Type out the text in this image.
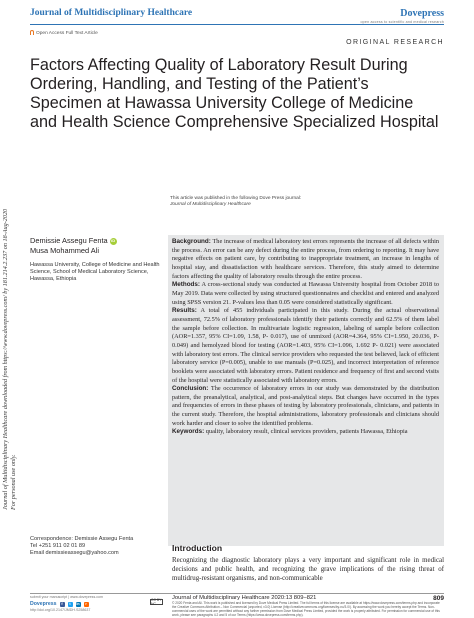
Journal of Multidisciplinary Healthcare downloaded from https://www.dovepress.com/ by 181.214.2.237 on 18-Aug-2020
For personal use only.
Journal of Multidisciplinary Healthcare	Dovepress
open access to scientific and medical research
Open Access Full Text Article
ORIGINAL RESEARCH
Factors Affecting Quality of Laboratory Result During Ordering, Handling, and Testing of the Patient’s Specimen at Hawassa University College of Medicine and Health Science Comprehensive Specialized Hospital
This article was published in the following Dove Press journal:
Journal of Multidisciplinary Healthcare
Demissie Assegu Fenta iD
Musa Mohammed Ali
Hawassa University, College of Medicine and Health Science, School of Medical Laboratory Science, Hawassa, Ethiopia

Background: The increase of medical laboratory test errors represents the increase of all defects within the process. An error can be any defect during the entire process, from ordering to reporting. It may have negative effects on patient care, by contributing to inappropriate treatment, an increase in lengths of hospital stay, and dissatisfaction with healthcare services. Therefore, this study aimed to determine factors affecting the quality of laboratory results through the entire process.

Methods: A cross-sectional study was conducted at Hawassa University hospital from October 2018 to May 2019. Data were collected by using structured questionnaires and checklist and entered and analyzed using SPSS version 21. P-values less than 0.05 were considered statistically significant.

Results: A total of 455 individuals participated in this study. During the actual observational assessment, 72.5% of laboratory professionals identify their patients correctly and 62.5% of them label the sample before collection. In multivariate logistic regression, labeling of sample before collection (AOR=1.357, 95% CI=1.09, 1.58, P- 0.017), use of unmixed (AOR=4.364, 95% CI=1.950, 20.036, P- 0.049) and hemolyzed blood for testing (AOR=1.403, 95% CI=1.096, 1.692 P- 0.021) were associated with laboratory test errors. The clinical service providers who requested the test believed, lack of efficient laboratory service (P=0.005), unable to use manuals (P=0.025), and incorrect interpretation of reference booklets were associated with laboratory errors. Patient residence and frequency of first and second visits of the hospital were statistically associated with laboratory errors.

Conclusion: The occurrence of laboratory errors in our study was demonstrated by the distribution pattern, the preanalytical, analytical, and post-analytical steps. But changes have occurred in the types and frequencies of errors in these phases of testing by laboratory professionals, clinicians, and patients in the current study. Therefore, the hospital administrations, laboratory professionals and clinicians should work harder and closer to solve the identified problems.

Keywords: quality, laboratory result, clinical services providers, patients Hawassa, Ethiopia

Correspondence: Demissie Assegu Fenta
Tel +251 911 02 01 89
Email demissieassegu@yahoo.com
Introduction
Recognizing the diagnostic laboratory plays a very important and significant role in medical decisions and public health, and recognizing the grave implications of the rising threat of multidrug-resistant organisms, and non-communicable
submit your manuscript | www.dovepress.com
Dovepress	f	t	in	r
http://doi.org/10.2147/JMDH.S258637
CC BY NC
Journal of Multidisciplinary Healthcare 2020:13 809–821	809
© 2020 Fenta and Ali. This work is published and licensed by Dove Medical Press Limited. The full terms of this license are available at https://www.dovepress.com/terms.php and incorporate the Creative Commons Attribution – Non Commercial (unported, v3.0) License (http://creativecommons.org/licenses/by-nc/3.0/). By accessing the work you hereby accept the Terms. Non-commercial uses of the work are permitted without any further permission from Dove Medical Press Limited, provided the work is properly attributed. For permission for commercial use of this work, please see paragraphs 4.2 and 5 of our Terms (https://www.dovepress.com/terms.php).
